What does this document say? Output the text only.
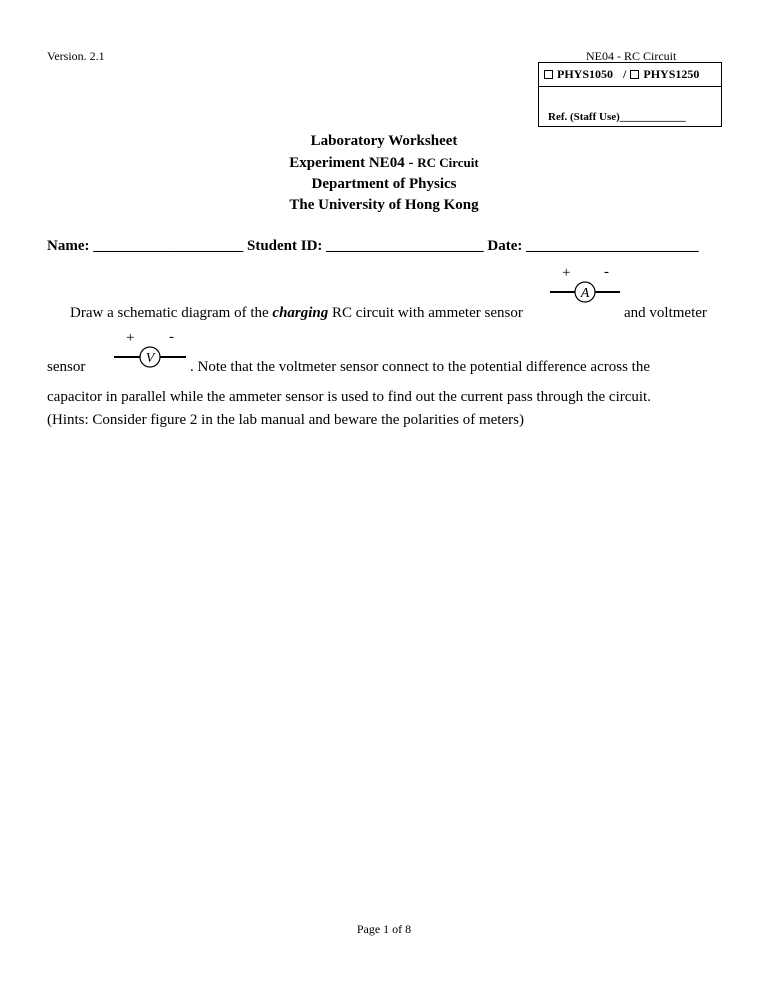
Version. 2.1	NE04 - RC Circuit
PHYS1050 / PHYS1250
Ref. (Staff Use)____________
Laboratory Worksheet
Experiment NE04 - RC Circuit
Department of Physics
The University of Hong Kong
Name: ____________________ Student ID: _____________________ Date: _______________________
Draw a schematic diagram of the charging RC circuit with ammeter sensor
+ -
A
and voltmeter
sensor
+ -
V
. Note that the voltmeter sensor connect to the potential difference across the
capacitor in parallel while the ammeter sensor is used to find out the current pass through the circuit.
(Hints: Consider figure 2 in the lab manual and beware the polarities of meters)
Page 1 of 8
